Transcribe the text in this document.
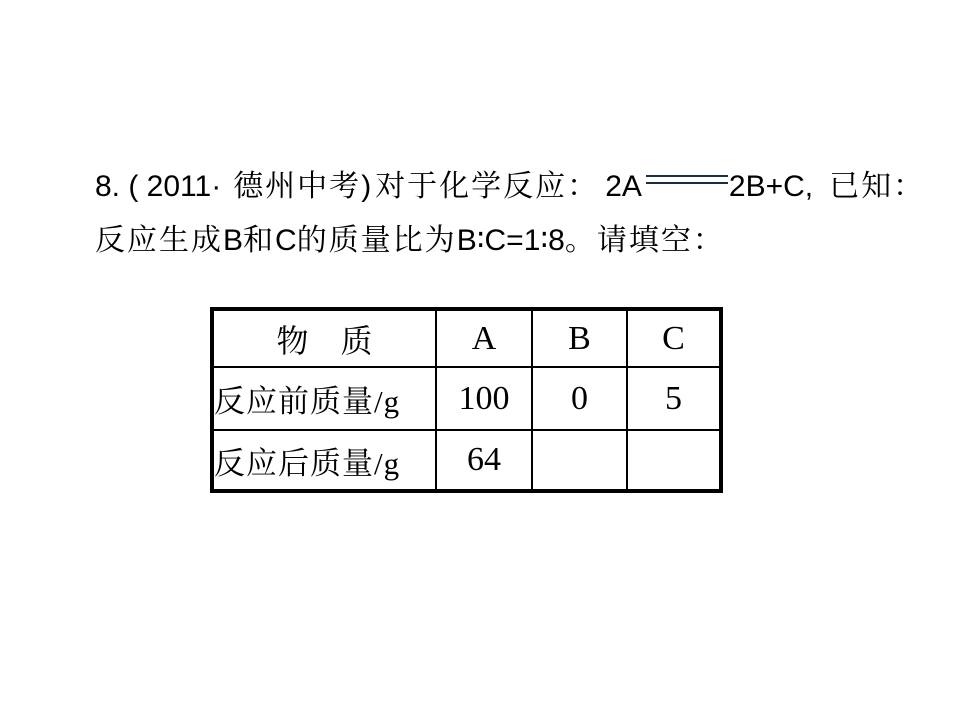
8. ( 2011· 德州中考) 对于化学反应： 2A	2B+C, 已知：
反应生成B和C的质量比为B∶C=1∶8。请填空：
物　质	A	B	C
反应前质量/g	100	0	5
反应后质量/g	64		
